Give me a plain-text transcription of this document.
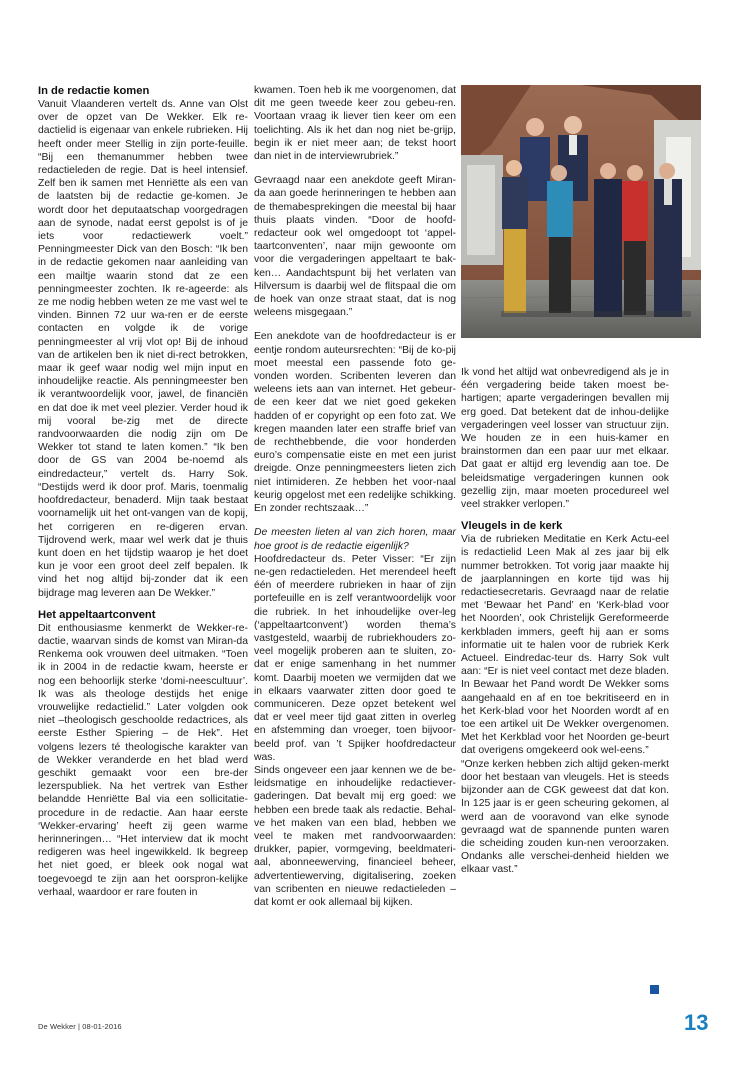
In de redactie komen

Vanuit Vlaanderen vertelt ds. Anne van Olst over de opzet van De Wekker. Elk re-dactielid is eigenaar van enkele rubrieken. Hij heeft onder meer Stellig in zijn porte-feuille. “Bij een themanummer hebben twee redactieleden de regie. Dat is heel intensief. Zelf ben ik samen met Henriëtte als een van de laatsten bij de redactie ge-komen. Je wordt door het deputaatschap voorgedragen aan de synode, nadat eerst gepolst is of je iets voor redactiewerk voelt.” Penningmeester Dick van den Bosch: “Ik ben in de redactie gekomen naar aanleiding van een mailtje waarin stond dat ze een penningmeester zochten. Ik re-ageerde: als ze me nodig hebben weten ze me vast wel te vinden. Binnen 72 uur wa-ren er de eerste contacten en volgde ik de vorige penningmeester al vrij vlot op! Bij de inhoud van de artikelen ben ik niet di-rect betrokken, maar ik geef waar nodig wel mijn input en inhoudelijke reactie. Als penningmeester ben ik verantwoordelijk voor, jawel, de financiën en dat doe ik met veel plezier. Verder houd ik mij vooral be-zig met de directe randvoorwaarden die nodig zijn om De Wekker tot stand te laten komen.” “Ik ben door de GS van 2004 be-noemd als eindredacteur,” vertelt ds. Harry Sok. “Destijds werd ik door prof. Maris, toenmalig hoofdredacteur, benaderd. Mijn taak bestaat voornamelijk uit het ont-vangen van de kopij, het corrigeren en re-digeren ervan. Tijdrovend werk, maar wel werk dat je thuis kunt doen en het tijdstip waarop je het doet kun je voor een groot deel zelf bepalen. Ik vind het nog altijd bij-zonder dat ik een bijdrage mag leveren aan De Wekker.”

Het appeltaartconvent

Dit enthousiasme kenmerkt de Wekker-re-dactie, waarvan sinds de komst van Miran-da Renkema ook vrouwen deel uitmaken. “Toen ik in 2004 in de redactie kwam, heerste er nog een behoorlijk sterke ‘domi-neescultuur’. Ik was als theologe destijds het enige vrouwelijke redactielid.” Later volgden ook niet –theologisch geschoolde redactrices, als eerste Esther Spiering – de Hek”. Het volgens lezers té theologische karakter van de Wekker veranderde en het blad werd geschikt gemaakt voor een bre-der lezerspubliek. Na het vertrek van Esther belandde Henriëtte Bal via een sollicitatie-procedure in de redactie. Aan haar eerste ‘Wekker-ervaring’ heeft zij geen warme herinneringen… “Het interview dat ik mocht redigeren was heel ingewikkeld. Ik begreep het niet goed, er bleek ook nogal wat toegevoegd te zijn aan het oorspron-kelijke verhaal, waardoor er rare fouten in

kwamen. Toen heb ik me voorgenomen, dat dit me geen tweede keer zou gebeu-ren. Voortaan vraag ik liever tien keer om een toelichting. Als ik het dan nog niet be-grijp, begin ik er niet meer aan; de tekst hoort dan niet in de interviewrubriek.”

Gevraagd naar een anekdote geeft Miran-da aan goede herinneringen te hebben aan de themabesprekingen die meestal bij haar thuis plaats vinden. “Door de hoofd-redacteur ook wel omgedoopt tot ‘appel-taartconventen’, naar mijn gewoonte om voor die vergaderingen appeltaart te bak-ken… Aandachtspunt bij het verlaten van Hilversum is daarbij wel de flitspaal die om de hoek van onze straat staat, dat is nog weleens misgegaan.”

Een anekdote van de hoofdredacteur is er eentje rondom auteursrechten: “Bij de ko-pij moet meestal een passende foto ge-vonden worden. Scribenten leveren dan weleens iets aan van internet. Het gebeur-de een keer dat we niet goed gekeken hadden of er copyright op een foto zat. We kregen maanden later een straffe brief van de rechthebbende, die voor honderden euro’s compensatie eiste en met een jurist dreigde. Onze penningmeesters lieten zich niet intimideren. Ze hebben het voor-naal keurig opgelost met een redelijke schikking. En zonder rechtszaak…”

De meesten lieten al van zich horen, maar hoe groot is de redactie eigenlijk?

Hoofdredacteur ds. Peter Visser: “Er zijn ne-gen redactieleden. Het merendeel heeft één of meerdere rubrieken in haar of zijn portefeuille en is zelf verantwoordelijk voor die rubriek. In het inhoudelijke over-leg (‘appeltaartconvent’) worden thema’s vastgesteld, waarbij de rubriekhouders zo-veel mogelijk proberen aan te sluiten, zo-dat er enige samenhang in het nummer komt. Daarbij moeten we vermijden dat we in elkaars vaarwater zitten door goed te communiceren. Deze opzet betekent wel dat er veel meer tijd gaat zitten in overleg en afstemming dan vroeger, toen bijvoor-beeld prof. van ’t Spijker hoofdredacteur was.

Sinds ongeveer een jaar kennen we de be-leidsmatige en inhoudelijke redactiever-gaderingen. Dat bevalt mij erg goed: we hebben een brede taak als redactie. Behal-ve het maken van een blad, hebben we veel te maken met randvoorwaarden: drukker, papier, vormgeving, beeldmateri-aal, abonneewerving, financieel beheer, advertentiewerving, digitalisering, zoeken van scribenten en nieuwe redactieleden – dat komt er ook allemaal bij kijken.

Ik vond het altijd wat onbevredigend als je in één vergadering beide taken moest be-hartigen; aparte vergaderingen bevallen mij erg goed. Dat betekent dat de inhou-delijke vergaderingen veel losser van structuur zijn. We houden ze in een huis-kamer en brainstormen dan een paar uur met elkaar. Dat gaat er altijd erg levendig aan toe. De beleidsmatige vergaderingen kunnen ook gezellig zijn, maar moeten procedureel wel veel strakker verlopen.”

Vleugels in de kerk

Via de rubrieken Meditatie en Kerk Actu-eel is redactielid Leen Mak al zes jaar bij elk nummer betrokken. Tot vorig jaar maakte hij de jaarplanningen en korte tijd was hij redactiesecretaris. Gevraagd naar de relatie met ‘Bewaar het Pand’ en ‘Kerk-blad voor het Noorden’, ook Christelijk Gereformeerde kerkbladen immers, geeft hij aan er soms informatie uit te halen voor de rubriek Kerk Actueel. Eindredac-teur ds. Harry Sok vult aan: “Er is niet veel contact met deze bladen. In Bewaar het Pand wordt De Wekker soms aangehaald en af en toe bekritiseerd en in het Kerk-blad voor het Noorden wordt af en toe een artikel uit De Wekker overgenomen. Met het Kerkblad voor het Noorden ge-beurt dat overigens omgekeerd ook wel-eens.”

“Onze kerken hebben zich altijd geken-merkt door het bestaan van vleugels. Het is steeds bijzonder aan de CGK geweest dat dat kon. In 125 jaar is er geen scheuring gekomen, al werd aan de vooravond van elke synode gevraagd wat de spannende punten waren die scheiding zouden kun-nen veroorzaken. Ondanks alle verschei-denheid hielden we elkaar vast.”

De Wekker | 08-01-2016	13
